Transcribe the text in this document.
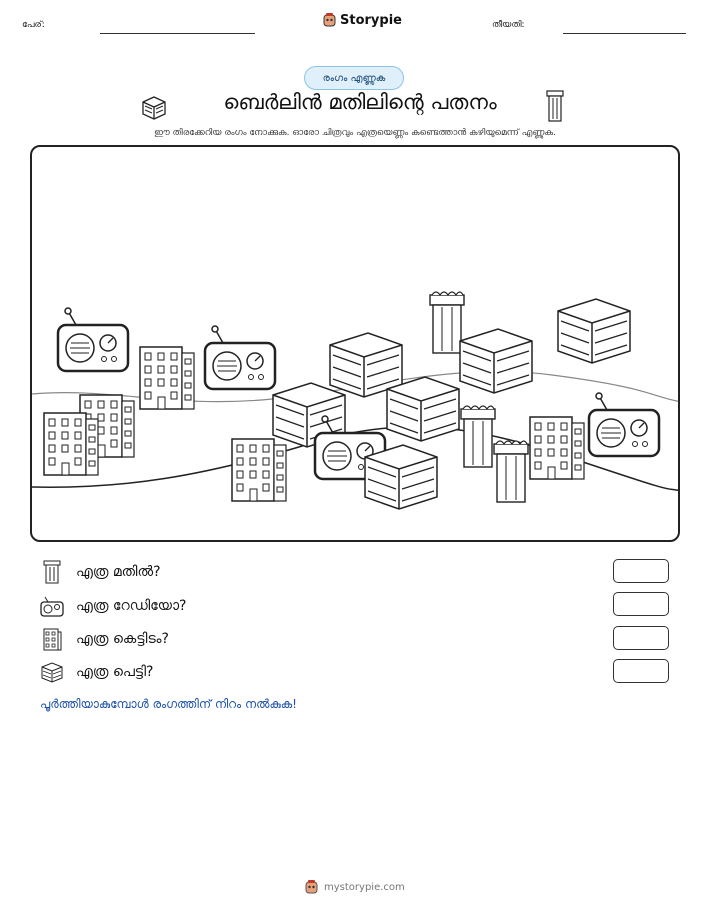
പേര്:	Storypie	തീയതി:
രംഗം എണ്ണുക
ബെർലിൻ മതിലിന്റെ പതനം
ഈ തിരക്കേറിയ രംഗം നോക്കുക. ഓരോ ചിത്രവും എത്രയെണ്ണം കണ്ടെത്താൻ കഴിയുമെന്ന് എണ്ണുക.
എത്ര മതിൽ?
എത്ര റേഡിയോ?
എത്ര കെട്ടിടം?
എത്ര പെട്ടി?
പൂർത്തിയാകുമ്പോൾ രംഗത്തിന് നിറം നൽകുക!
mystorypie.com
